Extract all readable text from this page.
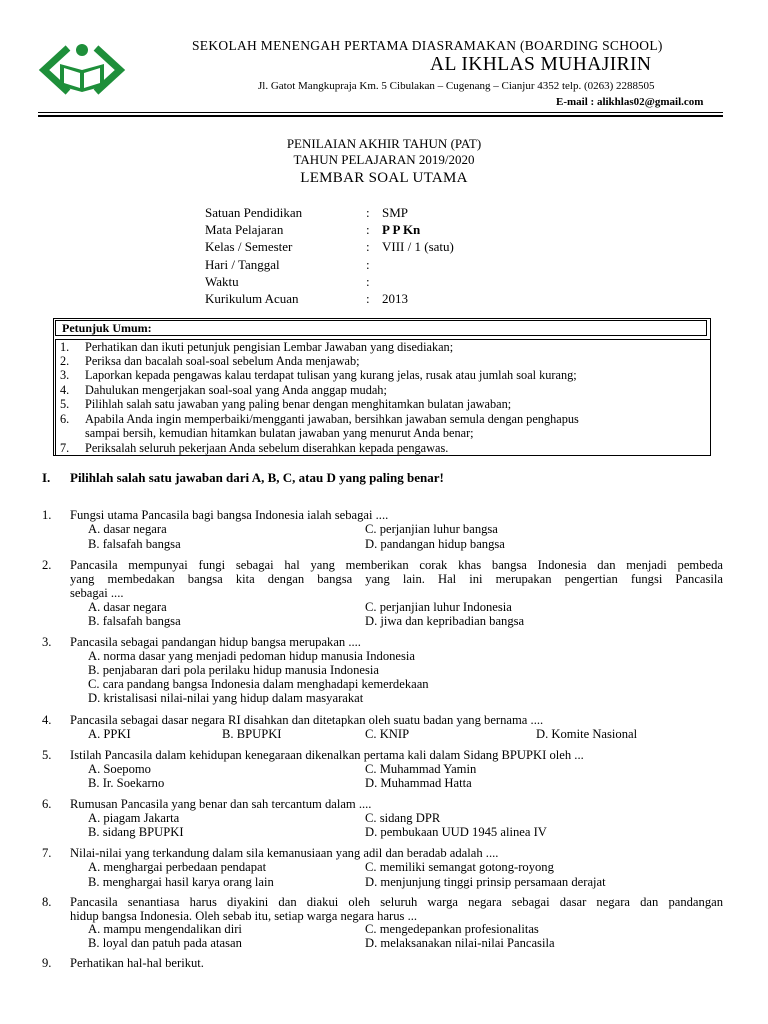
SEKOLAH MENENGAH PERTAMA DIASRAMAKAN (BOARDING SCHOOL)
AL IKHLAS MUHAJIRIN
Jl. Gatot Mangkupraja Km. 5 Cibulakan – Cugenang – Cianjur 4352 telp. (0263) 2288505
E-mail : alikhlas02@gmail.com
PENILAIAN AKHIR TAHUN (PAT)
TAHUN PELAJARAN 2019/2020
LEMBAR SOAL UTAMA
Satuan Pendidikan	: SMP
Mata Pelajaran	: P P Kn
Kelas / Semester	: VIII / 1 (satu)
Hari / Tanggal	:
Waktu	:
Kurikulum Acuan	: 2013
Petunjuk Umum:
1. Perhatikan dan ikuti petunjuk pengisian Lembar Jawaban yang disediakan;
2. Periksa dan bacalah soal-soal sebelum Anda menjawab;
3. Laporkan kepada pengawas kalau terdapat tulisan yang kurang jelas, rusak atau jumlah soal kurang;
4. Dahulukan mengerjakan soal-soal yang Anda anggap mudah;
5. Pilihlah salah satu jawaban yang paling benar dengan menghitamkan bulatan jawaban;
6. Apabila Anda ingin memperbaiki/mengganti jawaban, bersihkan jawaban semula dengan penghapus
sampai bersih, kemudian hitamkan bulatan jawaban yang menurut Anda benar;
7. Periksalah seluruh pekerjaan Anda sebelum diserahkan kepada pengawas.
I. Pilihlah salah satu jawaban dari A, B, C, atau D yang paling benar!
1. Fungsi utama Pancasila bagi bangsa Indonesia ialah sebagai ....
A. dasar negara
B. falsafah bangsa
C. perjanjian luhur bangsa
D. pandangan hidup bangsa
2. Pancasila mempunyai fungi sebagai hal yang memberikan corak khas bangsa Indonesia dan menjadi pembeda
yang membedakan bangsa kita dengan bangsa yang lain. Hal ini merupakan pengertian fungsi Pancasila
sebagai ....
A. dasar negara
B. falsafah bangsa
C. perjanjian luhur Indonesia
D. jiwa dan kepribadian bangsa
3. Pancasila sebagai pandangan hidup bangsa merupakan ....
A. norma dasar yang menjadi pedoman hidup manusia Indonesia
B. penjabaran dari pola perilaku hidup manusia Indonesia
C. cara pandang bangsa Indonesia dalam menghadapi kemerdekaan
D. kristalisasi nilai-nilai yang hidup dalam masyarakat
4. Pancasila sebagai dasar negara RI disahkan dan ditetapkan oleh suatu badan yang bernama ....
A. PPKI	B. BPUPKI	C. KNIP	D. Komite Nasional
5. Istilah Pancasila dalam kehidupan kenegaraan dikenalkan pertama kali dalam Sidang BPUPKI oleh ...
A. Soepomo
B. Ir. Soekarno
C. Muhammad Yamin
D. Muhammad Hatta
6. Rumusan Pancasila yang benar dan sah tercantum dalam ....
A. piagam Jakarta
B. sidang BPUPKI
C. sidang DPR
D. pembukaan UUD 1945 alinea IV
7. Nilai-nilai yang terkandung dalam sila kemanusiaan yang adil dan beradab adalah ....
A. menghargai perbedaan pendapat
B. menghargai hasil karya orang lain
C. memiliki semangat gotong-royong
D. menjunjung tinggi prinsip persamaan derajat
8. Pancasila senantiasa harus diyakini dan diakui oleh seluruh warga negara sebagai dasar negara dan pandangan
hidup bangsa Indonesia. Oleh sebab itu, setiap warga negara harus ...
A. mampu mengendalikan diri
B. loyal dan patuh pada atasan
C. mengedepankan profesionalitas
D. melaksanakan nilai-nilai Pancasila
9. Perhatikan hal-hal berikut.
